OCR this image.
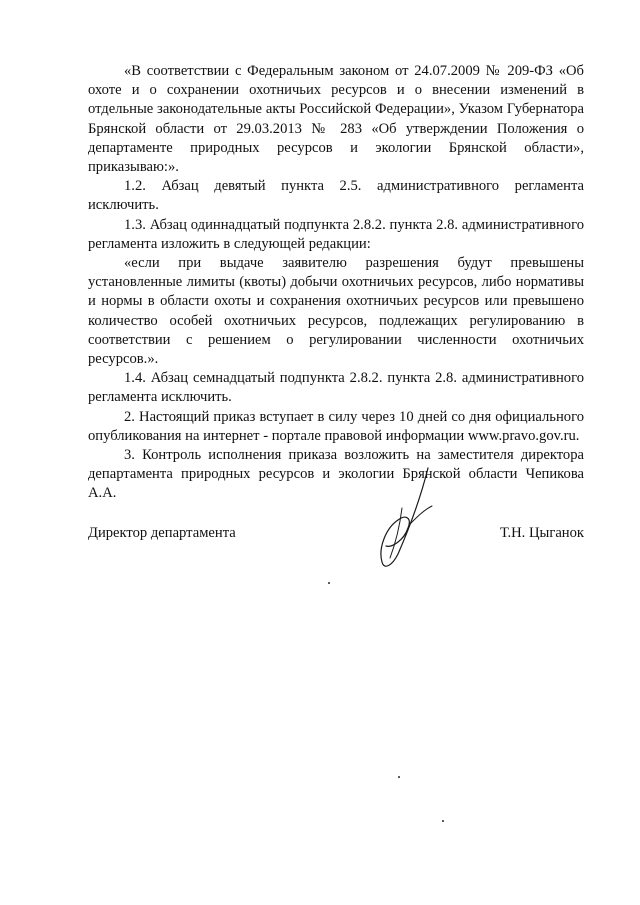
«В соответствии с Федеральным законом от 24.07.2009 № 209-ФЗ «Об охоте и о сохранении охотничьих ресурсов и о внесении изменений в отдельные законодательные акты Российской Федерации», Указом Губернатора Брянской области от 29.03.2013 № 283 «Об утверждении Положения о департаменте природных ресурсов и экологии Брянской области», приказываю:».

1.2. Абзац девятый пункта 2.5. административного регламента исключить.

1.3. Абзац одиннадцатый подпункта 2.8.2. пункта 2.8. административного регламента изложить в следующей редакции:

«если при выдаче заявителю разрешения будут превышены установленные лимиты (квоты) добычи охотничьих ресурсов, либо нормативы и нормы в области охоты и сохранения охотничьих ресурсов или превышено количество особей охотничьих ресурсов, подлежащих регулированию в соответствии с решением о регулировании численности охотничьих ресурсов.».

1.4. Абзац семнадцатый подпункта 2.8.2. пункта 2.8. административного регламента исключить.

2. Настоящий приказ вступает в силу через 10 дней со дня официального опубликования на интернет - портале правовой информации www.pravo.gov.ru.

3. Контроль исполнения приказа возложить на заместителя директора департамента природных ресурсов и экологии Брянской области Чепикова А.А.

Директор департамента	Т.Н. Цыганок
